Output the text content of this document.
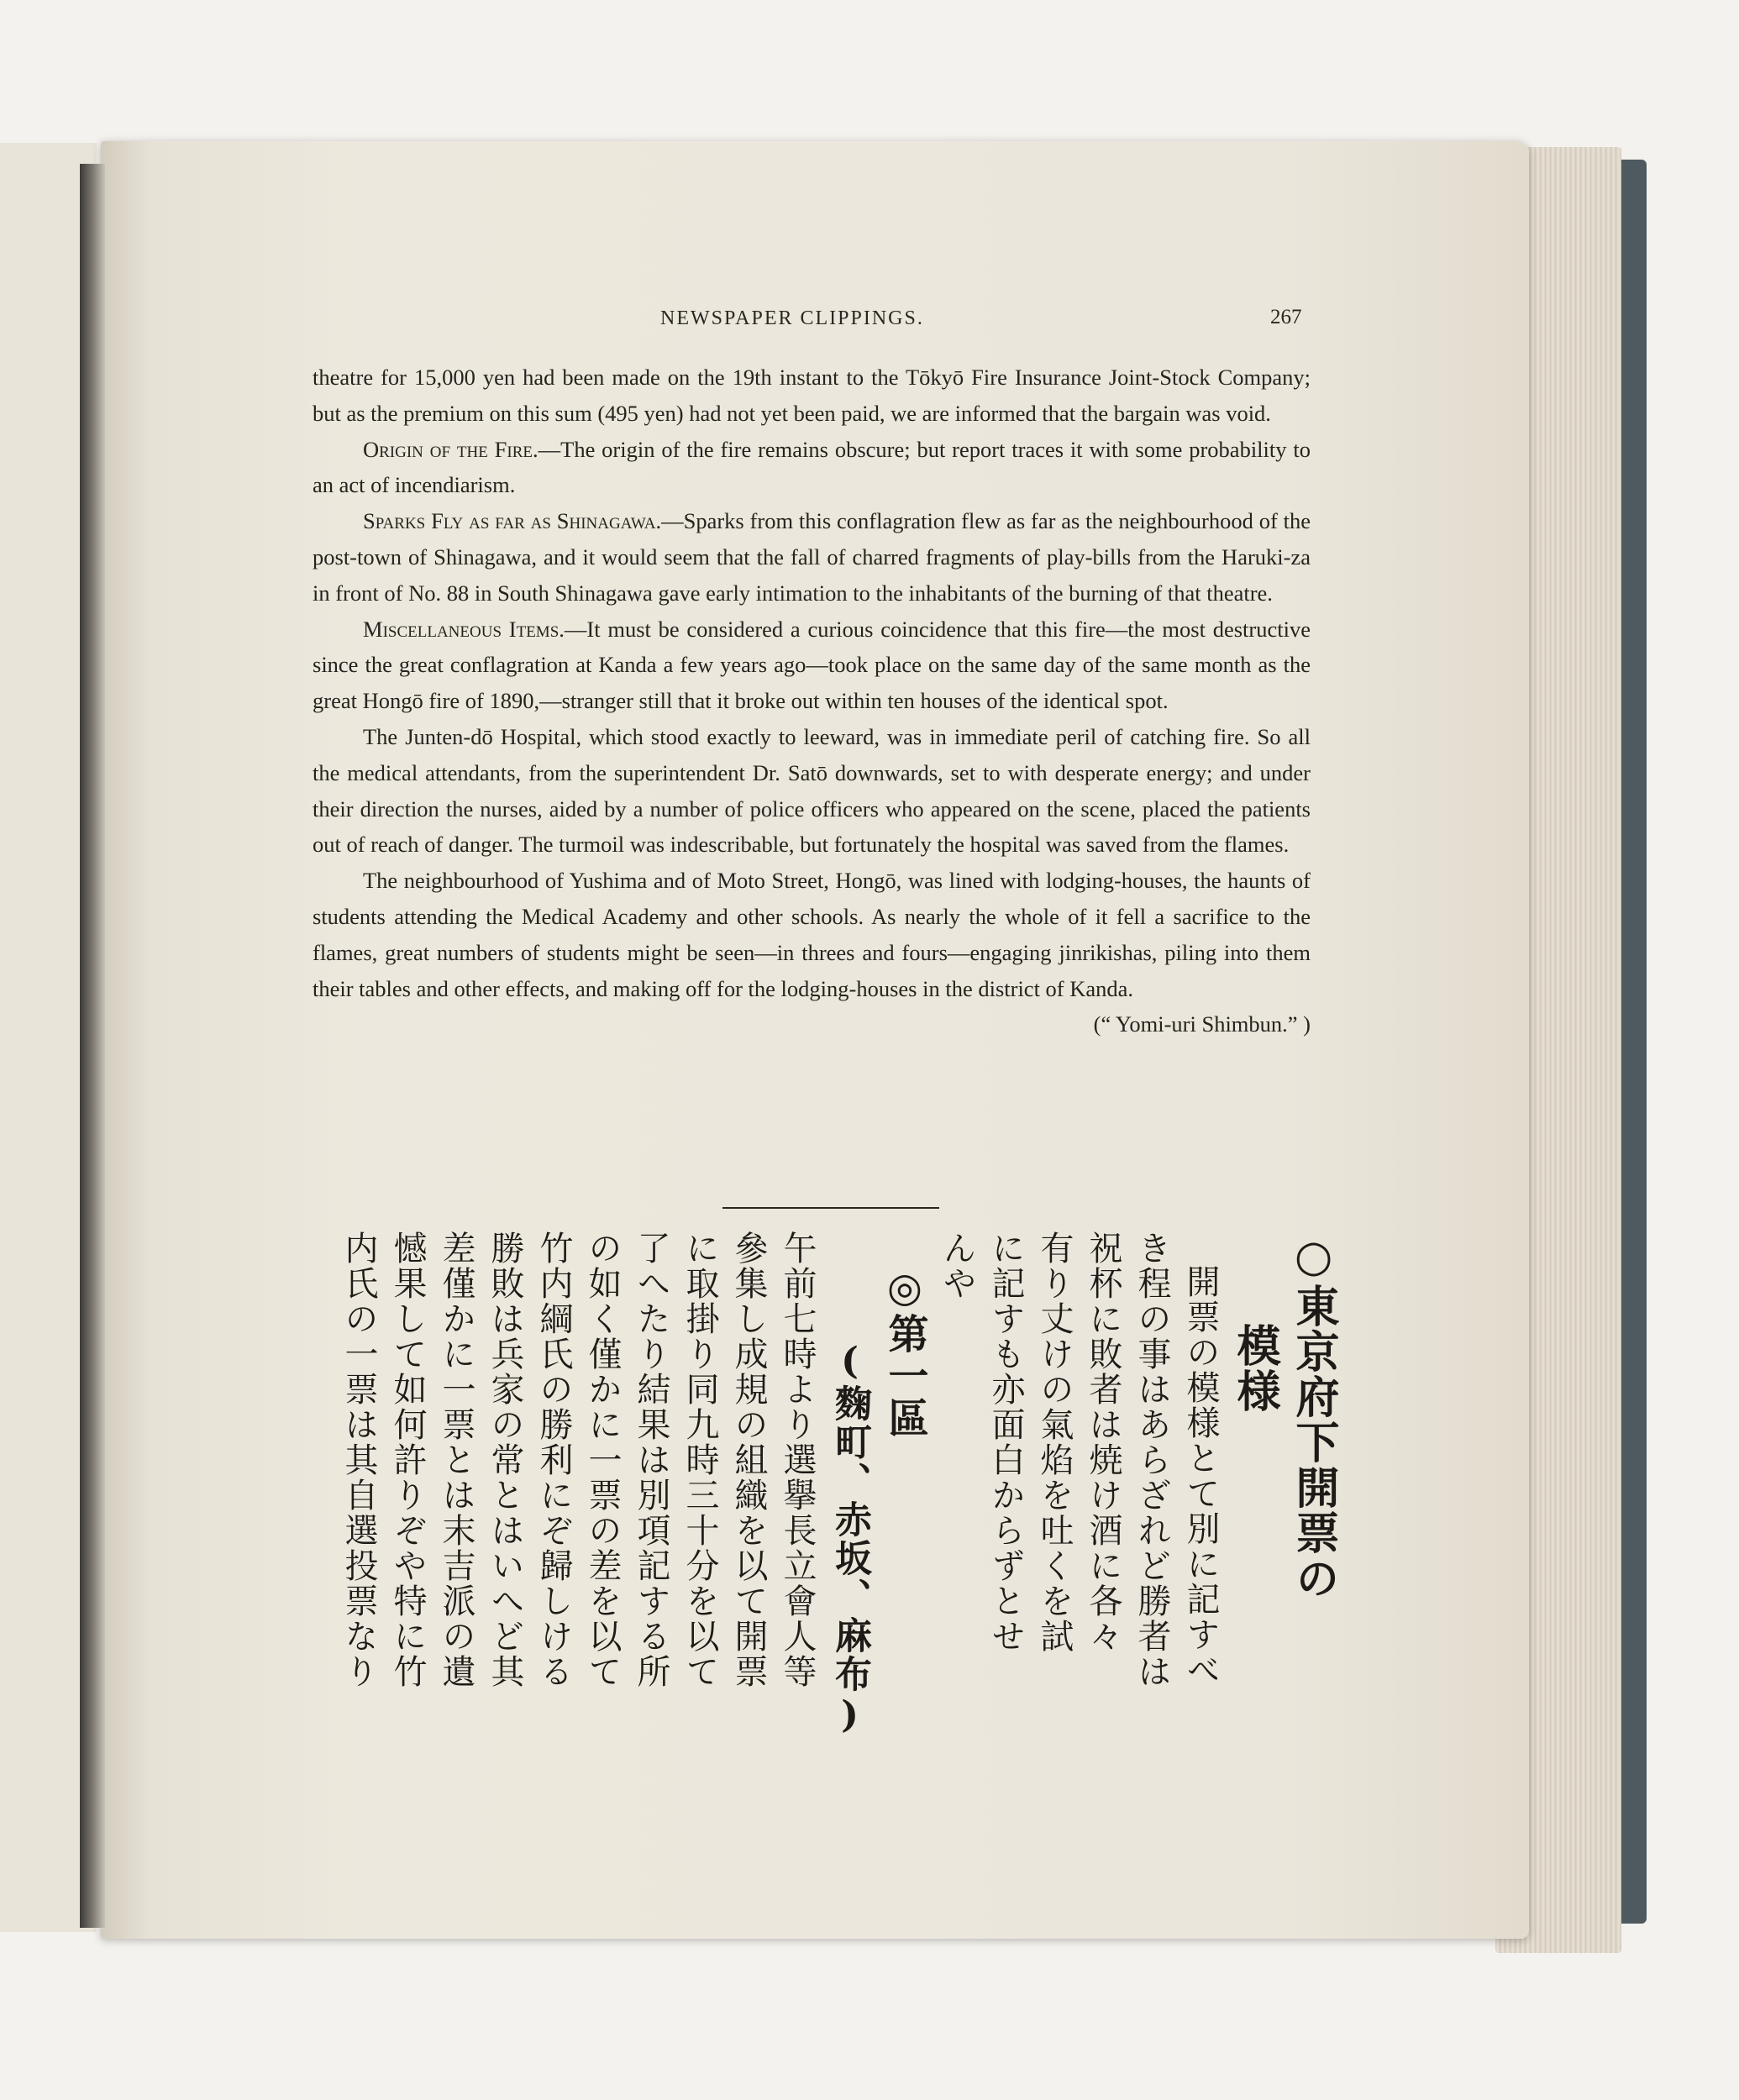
NEWSPAPER CLIPPINGS.	267

theatre for 15,000 yen had been made on the 19th instant to the Tōkyō Fire Insurance Joint-Stock Company; but as the premium on this sum (495 yen) had not yet been paid, we are informed that the bargain was void.

Origin of the Fire.—The origin of the fire remains obscure; but report traces it with some probability to an act of incendiarism.

Sparks Fly as far as Shinagawa.—Sparks from this conflagration flew as far as the neighbourhood of the post-town of Shinagawa, and it would seem that the fall of charred fragments of play-bills from the Haruki-za in front of No. 88 in South Shinagawa gave early intimation to the inhabitants of the burning of that theatre.

Miscellaneous Items.—It must be considered a curious coincidence that this fire—the most destructive since the great conflagration at Kanda a few years ago—took place on the same day of the same month as the great Hongō fire of 1890,—stranger still that it broke out within ten houses of the identical spot.

The Junten-dō Hospital, which stood exactly to leeward, was in immediate peril of catching fire. So all the medical attendants, from the superintendent Dr. Satō downwards, set to with desperate energy; and under their direction the nurses, aided by a number of police officers who appeared on the scene, placed the patients out of reach of danger. The turmoil was indescribable, but fortunately the hospital was saved from the flames.

The neighbourhood of Yushima and of Moto Street, Hongō, was lined with lodging-houses, the haunts of students attending the Medical Academy and other schools. As nearly the whole of it fell a sacrifice to the flames, great numbers of students might be seen—in threes and fours—engaging jinrikishas, piling into them their tables and other effects, and making off for the lodging-houses in the district of Kanda.
(“ Yomi-uri Shimbun.” )

○東京府下開票の
模様
開票の模様とて別に記すべ
き程の事はあらざれど勝者は
祝杯に敗者は焼け酒に各々
有り丈けの氣焰を吐くを試
に記すも亦面白からずとせ
んや
◎第一區
(麴町、赤坂、麻布)
午前七時より選擧長立會人等
參集し成規の組織を以て開票
に取掛り同九時三十分を以て
了へたり結果は別項記する所
の如く僅かに一票の差を以て
竹内綱氏の勝利にぞ歸しける
勝敗は兵家の常とはいへど其
差僅かに一票とは末吉派の遺
憾果して如何許りぞや特に竹
内氏の一票は其自選投票なり
